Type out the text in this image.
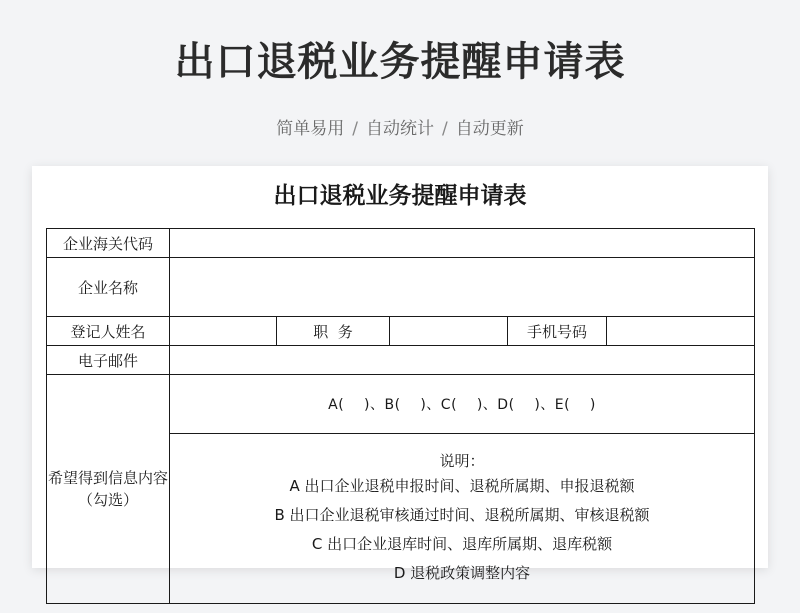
出口退税业务提醒申请表
简单易用 / 自动统计 / 自动更新
出口退税业务提醒申请表
企业海关代码					
企业名称					
登记人姓名		职  务		手机号码	
电子邮件					
希望得到信息内容（勾选）	A(    )、B(    )、C(    )、D(    )、E(    )				

	说明：
A 出口企业退税申报时间、退税所属期、申报退税额
B 出口企业退税审核通过时间、退税所属期、审核退税额
C 出口企业退库时间、退库所属期、退库税额
D 退税政策调整内容				
